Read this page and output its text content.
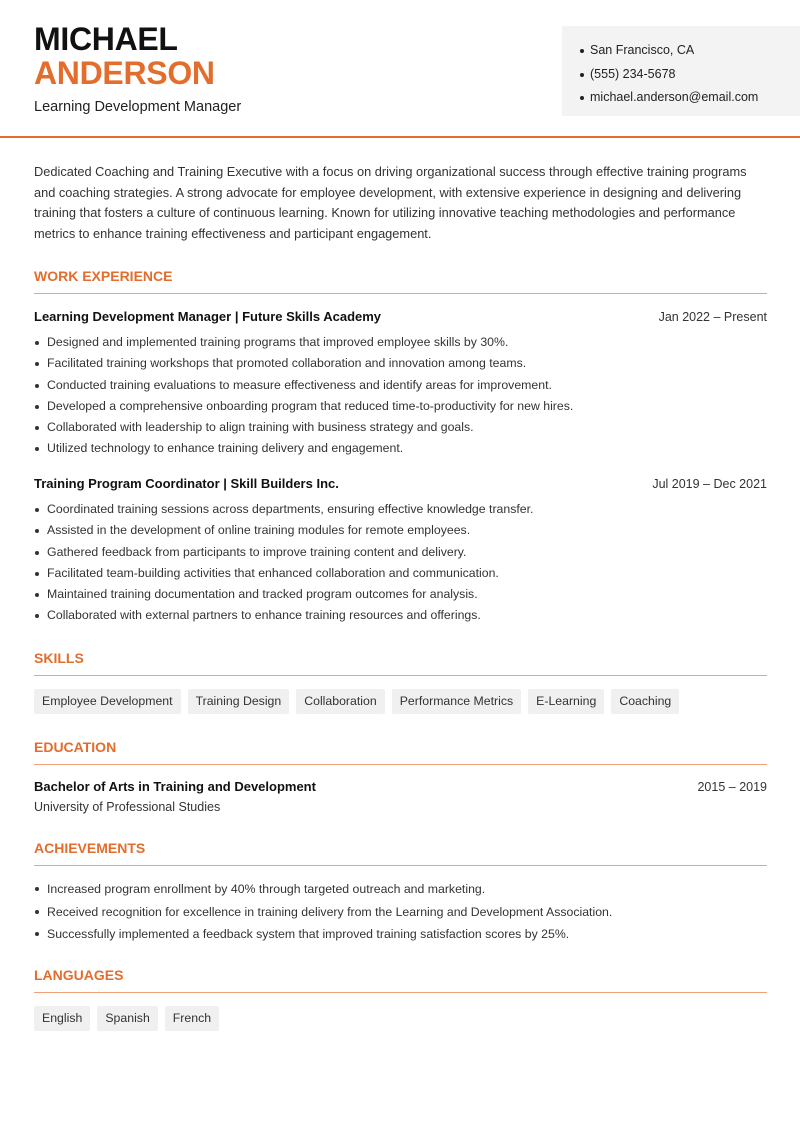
MICHAEL
ANDERSON
Learning Development Manager
San Francisco, CA
(555) 234-5678
michael.anderson@email.com

Dedicated Coaching and Training Executive with a focus on driving organizational success through effective training programs and coaching strategies. A strong advocate for employee development, with extensive experience in designing and delivering training that fosters a culture of continuous learning. Known for utilizing innovative teaching methodologies and performance metrics to enhance training effectiveness and participant engagement.

WORK EXPERIENCE
Learning Development Manager | Future Skills Academy	Jan 2022 – Present
Designed and implemented training programs that improved employee skills by 30%.
Facilitated training workshops that promoted collaboration and innovation among teams.
Conducted training evaluations to measure effectiveness and identify areas for improvement.
Developed a comprehensive onboarding program that reduced time-to-productivity for new hires.
Collaborated with leadership to align training with business strategy and goals.
Utilized technology to enhance training delivery and engagement.
Training Program Coordinator | Skill Builders Inc.	Jul 2019 – Dec 2021
Coordinated training sessions across departments, ensuring effective knowledge transfer.
Assisted in the development of online training modules for remote employees.
Gathered feedback from participants to improve training content and delivery.
Facilitated team-building activities that enhanced collaboration and communication.
Maintained training documentation and tracked program outcomes for analysis.
Collaborated with external partners to enhance training resources and offerings.
SKILLS
Employee Development	Training Design	Collaboration	Performance Metrics	E-Learning	Coaching
EDUCATION
Bachelor of Arts in Training and Development	2015 – 2019
University of Professional Studies
ACHIEVEMENTS
Increased program enrollment by 40% through targeted outreach and marketing.
Received recognition for excellence in training delivery from the Learning and Development Association.
Successfully implemented a feedback system that improved training satisfaction scores by 25%.
LANGUAGES
English	Spanish	French
